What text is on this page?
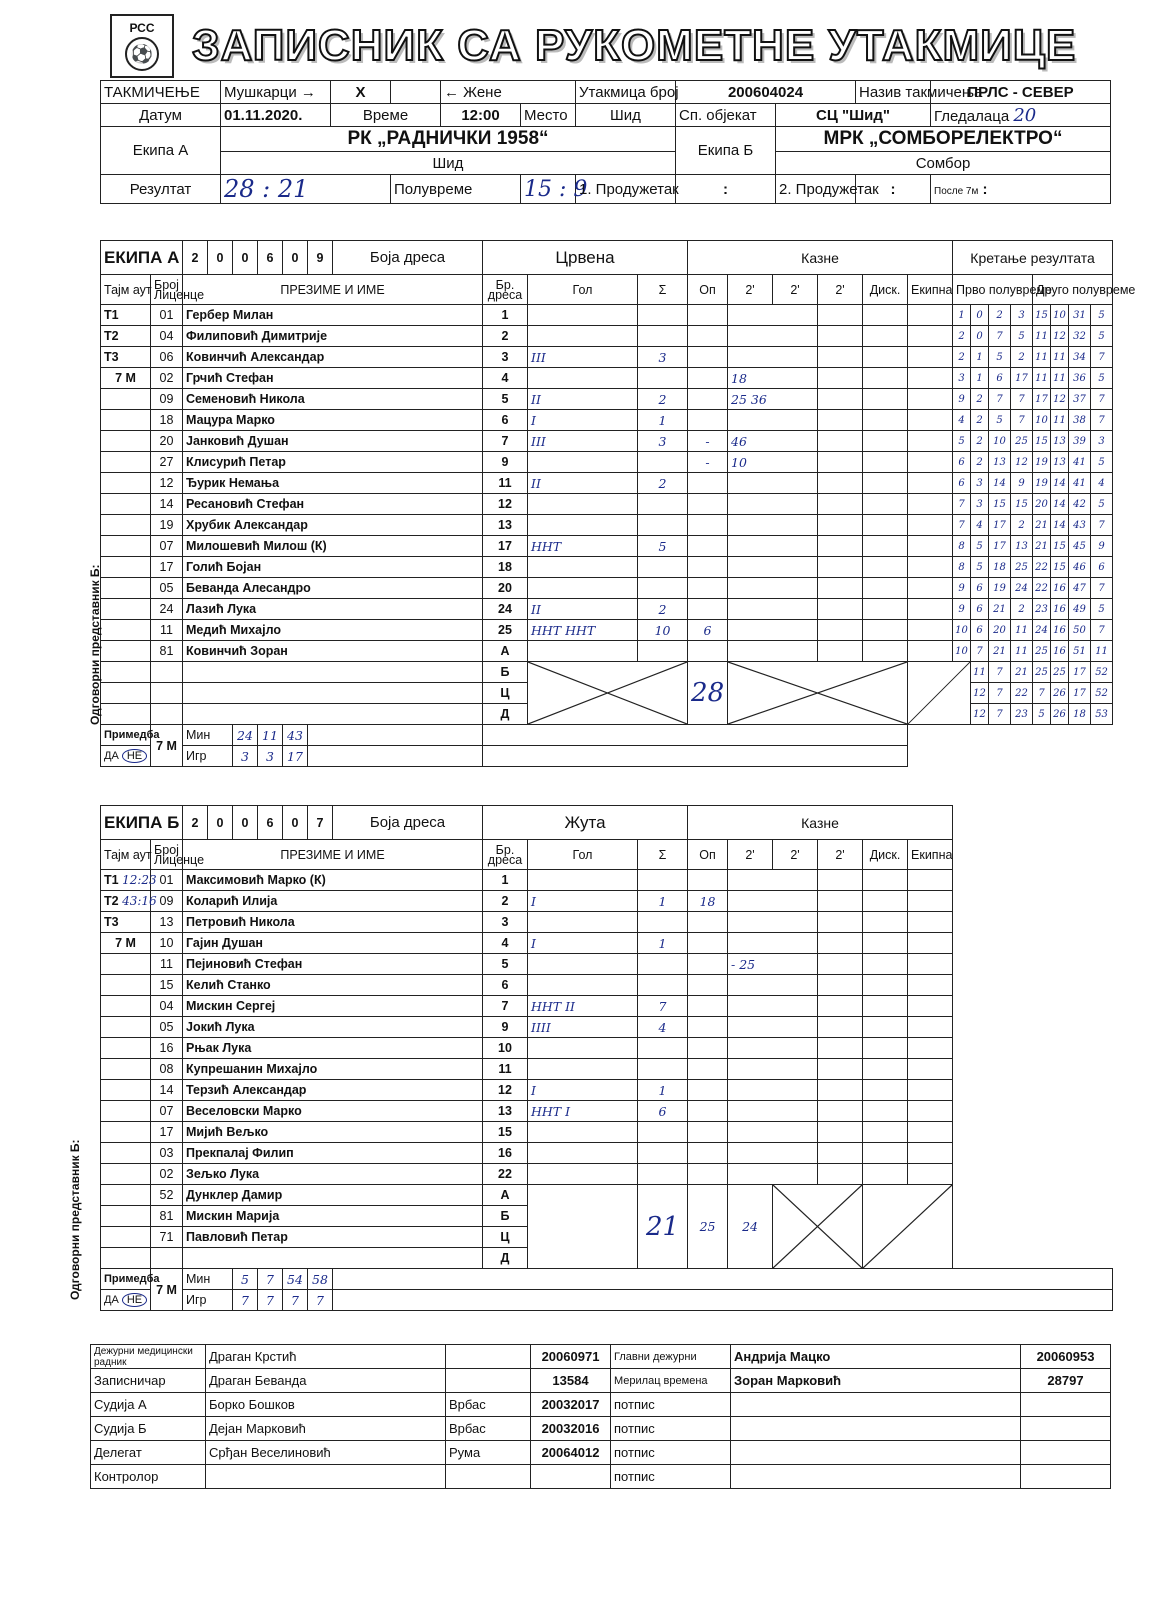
РСС
⚽ ЗАПИСНИК СА РУКОМЕТНЕ УТАКМИЦЕ
ТАКМИЧЕЊЕ	Мушкарци →	X		← Жене		Утакмица број	200604024		Назив такмичења	ПРЛС - СЕВЕР
Датум	01.11.2020.	Време		12:00	Место	Шид	Сп. објекат	СЦ "Шид"		Гледалаца 20
Екипа А	РК „РАДНИЧКИ 1958“						Екипа Б	МРК „СОМБОРЕЛЕКТРО“		
	Шид							Сомбор		
Резултат	28 : 21		Полувреме		15 : 9	1. Продужетак	:	2. Продужетак	:	После 7м :
ЕКИПА А		2	0	0	6	0	9	Боја дреса	Црвена			Казне						Кретање резултата								
Тајм аут	Број Лиценце	ПРЕЗИМЕ И ИМЕ							Бр. дреса	Гол	Σ	Оп	2'	2'	2'	Диск.	Екипна	Прво полувреме				Друго полувреме				
T1	01	Гербер Милан							1									1	0	2	3	15	10	31	5	
T2	04	Филиповић Димитрије							2									2	0	7	5	11	12	32	5	
T3	06	Ковинчић Александар							3	III	3							2	1	5	2	11	11	34	7	
7 М	02	Грчић Стефан							4				18					3	1	6	17	11	11	36	5	
	09	Семеновић Никола							5	II	2		25 36					9	2	7	7	17	12	37	7	
	18	Мацура Марко							6	I	1							4	2	5	7	10	11	38	7	
	20	Јанковић Душан							7	III	3	-	46					5	2	10	25	15	13	39	3	
	27	Клисурић Петар							9			-	10					6	2	13	12	19	13	41	5	
	12	Ђурик Немања							11	II	2							6	3	14	9	19	14	41	4	
	14	Ресановић Стефан							12									7	3	15	15	20	14	42	5	
	19	Хрубик Александар							13									7	4	17	2	21	14	43	7	
	07	Милошевић Милош (К)							17	HHT	5							8	5	17	13	21	15	45	9	
	17	Голић Бојан							18									8	5	18	25	22	15	46	6	
	05	Беванда Алесандро							20									9	6	19	24	22	16	47	7	
	24	Лазић Лука							24	II	2							9	6	21	2	23	16	49	5	
	11	Медић Михајло							25	HHT HHT	10	6						10	6	20	11	24	16	50	7	
	81	Ковинчић Зоран							А									10	7	21	11	25	16	51	11	
									Б			28							11	7	21	25	25	17	52	
									Ц										12	7	22	7	26	17	52	
									Д										12	7	23	5	26	18	53	
Примедба	7 М	Мин		24	11	43																				
ДА НЕ		Игр		3	3	17																				
Одговорни представник Б:
ЕКИПА Б		2	0	0	6	0	7	Боја дреса	Жута			Казне						
Тајм аут	Број Лиценце	ПРЕЗИМЕ И ИМЕ							Бр. дреса	Гол	Σ	Оп	2'	2'	2'	Диск.	Екипна	
T1 12:23	01	Максимовић Марко (К)							1									
T2 43:16	09	Коларић Илија							2	I	1	18						
T3	13	Петровић Никола							3									
7 М	10	Гајин Душан							4	I	1							
	11	Пејиновић Стефан							5				- 25					
	15	Келић Станко							6									
	04	Мискин Сергеј							7	HHT II	7							
	05	Јокић Лука							9	IIII	4							
	16	Рњак Лука							10									
	08	Купрешанин Михајло							11									
	14	Терзић Александар							12	I	1							
	07	Веселовски Марко							13	HHT I	6							
	17	Мијић Вељко							15									
	03	Прекпалај Филип							16									
	02	Зељко Лука							22									
	52	Дунклер Дамир							А		21	25	24	

	81	Мискин Марија							Б									
	71	Павловић Петар							Ц									
									Д									
Примедба	7 М	Мин		5	7	54	58											
ДА НЕ		Игр		7	7	7	7											
Одговорни представник Б:
Дежурни медицински радник	Драган Крстић		20060971	Главни дежурни	Андрија Мацко	20060953
Записничар	Драган Беванда		13584	Мерилац времена	Зоран Марковић	28797
Судија А	Борко Бошков	Врбас	20032017	потпис		
Судија Б	Дејан Марковић	Врбас	20032016	потпис		
Делегат	Срђан Веселиновић	Рума	20064012	потпис		
Контролор				потпис		
